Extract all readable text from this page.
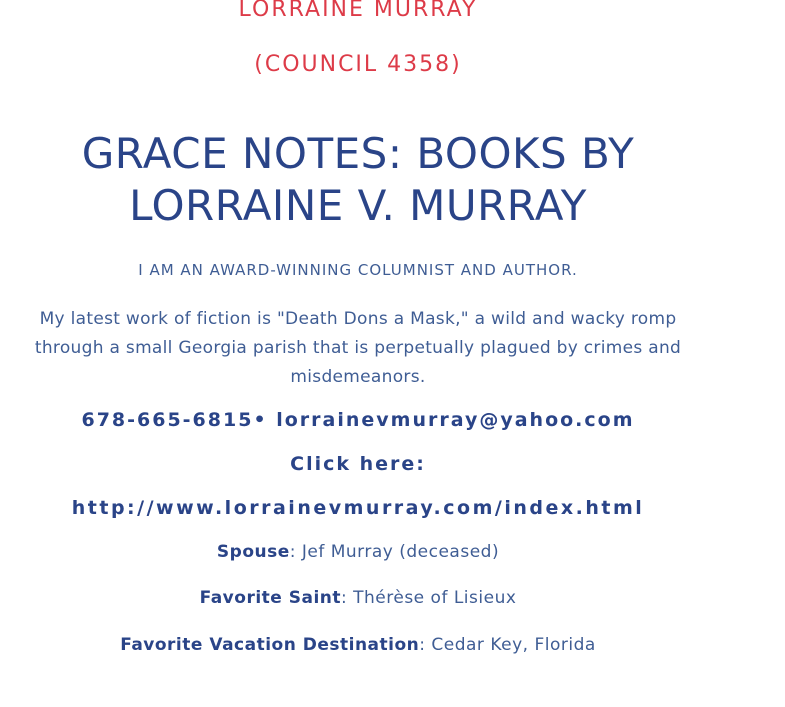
LORRAINE MURRAY
(COUNCIL 4358)
GRACE NOTES: BOOKS BY
LORRAINE V. MURRAY
I AM AN AWARD-WINNING COLUMNIST AND AUTHOR.
My latest work of fiction is "Death Dons a Mask," a wild and wacky romp through a small Georgia parish that is perpetually plagued by crimes and misdemeanors.
678-665-6815• lorrainevmurray@yahoo.com
Click here:
http://www.lorrainevmurray.com/index.html
Spouse: Jef Murray (deceased)
Favorite Saint: Thérèse of Lisieux
Favorite Vacation Destination: Cedar Key, Florida
